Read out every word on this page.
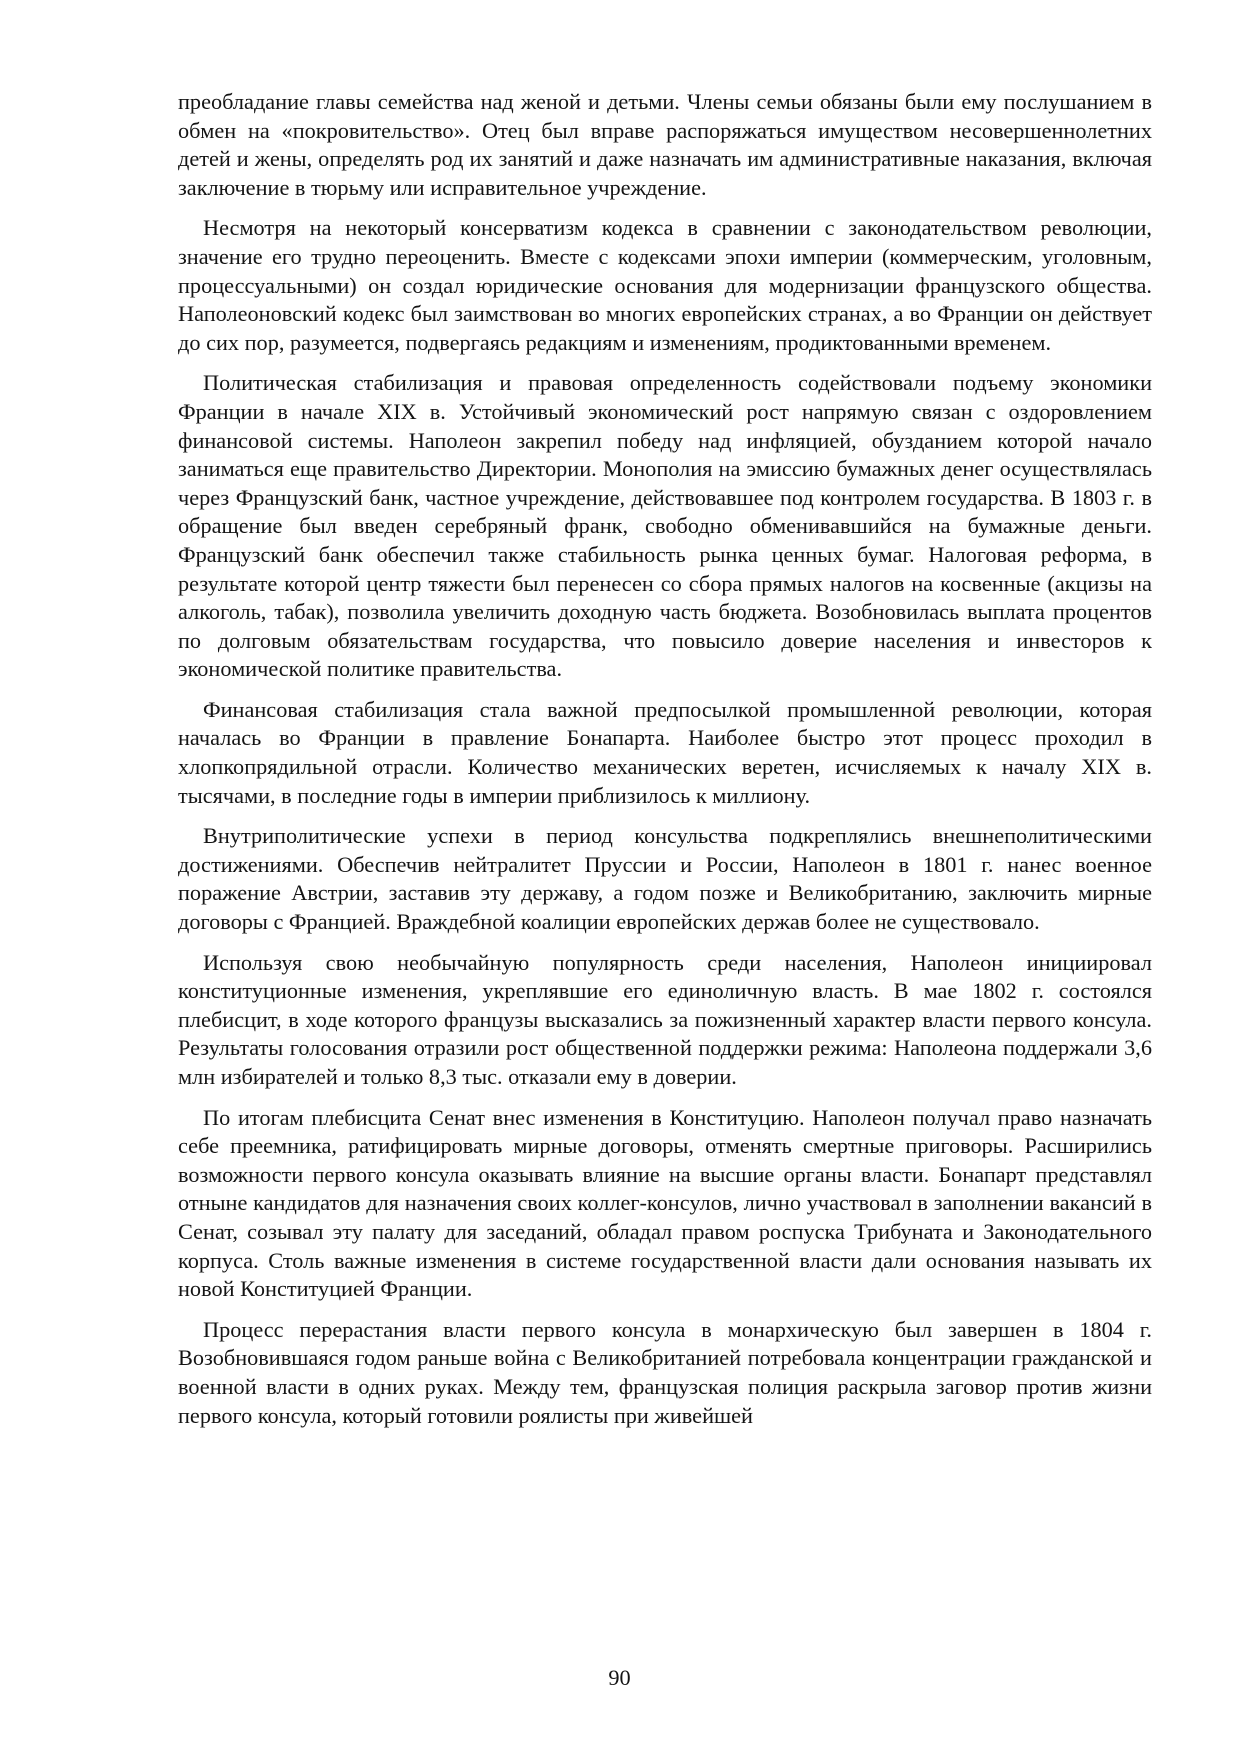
преобладание главы семейства над женой и детьми. Члены семьи обязаны были ему послушанием в обмен на «покровительство». Отец был вправе распоряжаться имуществом несовершеннолетних детей и жены, определять род их занятий и даже назначать им административные наказания, включая заключение в тюрьму или исправительное учреждение.

Несмотря на некоторый консерватизм кодекса в сравнении с законодательством революции, значение его трудно переоценить. Вместе с кодексами эпохи империи (коммерческим, уголовным, процессуальными) он создал юридические основания для модернизации французского общества. Наполеоновский кодекс был заимствован во многих европейских странах, а во Франции он действует до сих пор, разумеется, подвергаясь редакциям и изменениям, продиктованными временем.

Политическая стабилизация и правовая определенность содействовали подъему экономики Франции в начале XIX в. Устойчивый экономический рост напрямую связан с оздоровлением финансовой системы. Наполеон закрепил победу над инфляцией, обузданием которой начало заниматься еще правительство Директории. Монополия на эмиссию бумажных денег осуществлялась через Французский банк, частное учреждение, действовавшее под контролем государства. В 1803 г. в обращение был введен серебряный франк, свободно обменивавшийся на бумажные деньги. Французский банк обеспечил также стабильность рынка ценных бумаг. Налоговая реформа, в результате которой центр тяжести был перенесен со сбора прямых налогов на косвенные (акцизы на алкоголь, табак), позволила увеличить доходную часть бюджета. Возобновилась выплата процентов по долговым обязательствам государства, что повысило доверие населения и инвесторов к экономической политике правительства.

Финансовая стабилизация стала важной предпосылкой промышленной революции, которая началась во Франции в правление Бонапарта. Наиболее быстро этот процесс проходил в хлопкопрядильной отрасли. Количество механических веретен, исчисляемых к началу XIX в. тысячами, в последние годы в империи приблизилось к миллиону.

Внутриполитические успехи в период консульства подкреплялись внешнеполитическими достижениями. Обеспечив нейтралитет Пруссии и России, Наполеон в 1801 г. нанес военное поражение Австрии, заставив эту державу, а годом позже и Великобританию, заключить мирные договоры с Францией. Враждебной коалиции европейских держав более не существовало.

Используя свою необычайную популярность среди населения, Наполеон инициировал конституционные изменения, укреплявшие его единоличную власть. В мае 1802 г. состоялся плебисцит, в ходе которого французы высказались за пожизненный характер власти первого консула. Результаты голосования отразили рост общественной поддержки режима: Наполеона поддержали 3,6 млн избирателей и только 8,3 тыс. отказали ему в доверии.

По итогам плебисцита Сенат внес изменения в Конституцию. Наполеон получал право назначать себе преемника, ратифицировать мирные договоры, отменять смертные приговоры. Расширились возможности первого консула оказывать влияние на высшие органы власти. Бонапарт представлял отныне кандидатов для назначения своих коллег-консулов, лично участвовал в заполнении вакансий в Сенат, созывал эту палату для заседаний, обладал правом роспуска Трибуната и Законодательного корпуса. Столь важные изменения в системе государственной власти дали основания называть их новой Конституцией Франции.

Процесс перерастания власти первого консула в монархическую был завершен в 1804 г. Возобновившаяся годом раньше война с Великобританией потребовала концентрации гражданской и военной власти в одних руках. Между тем, французская полиция раскрыла заговор против жизни первого консула, который готовили роялисты при живейшей

90
